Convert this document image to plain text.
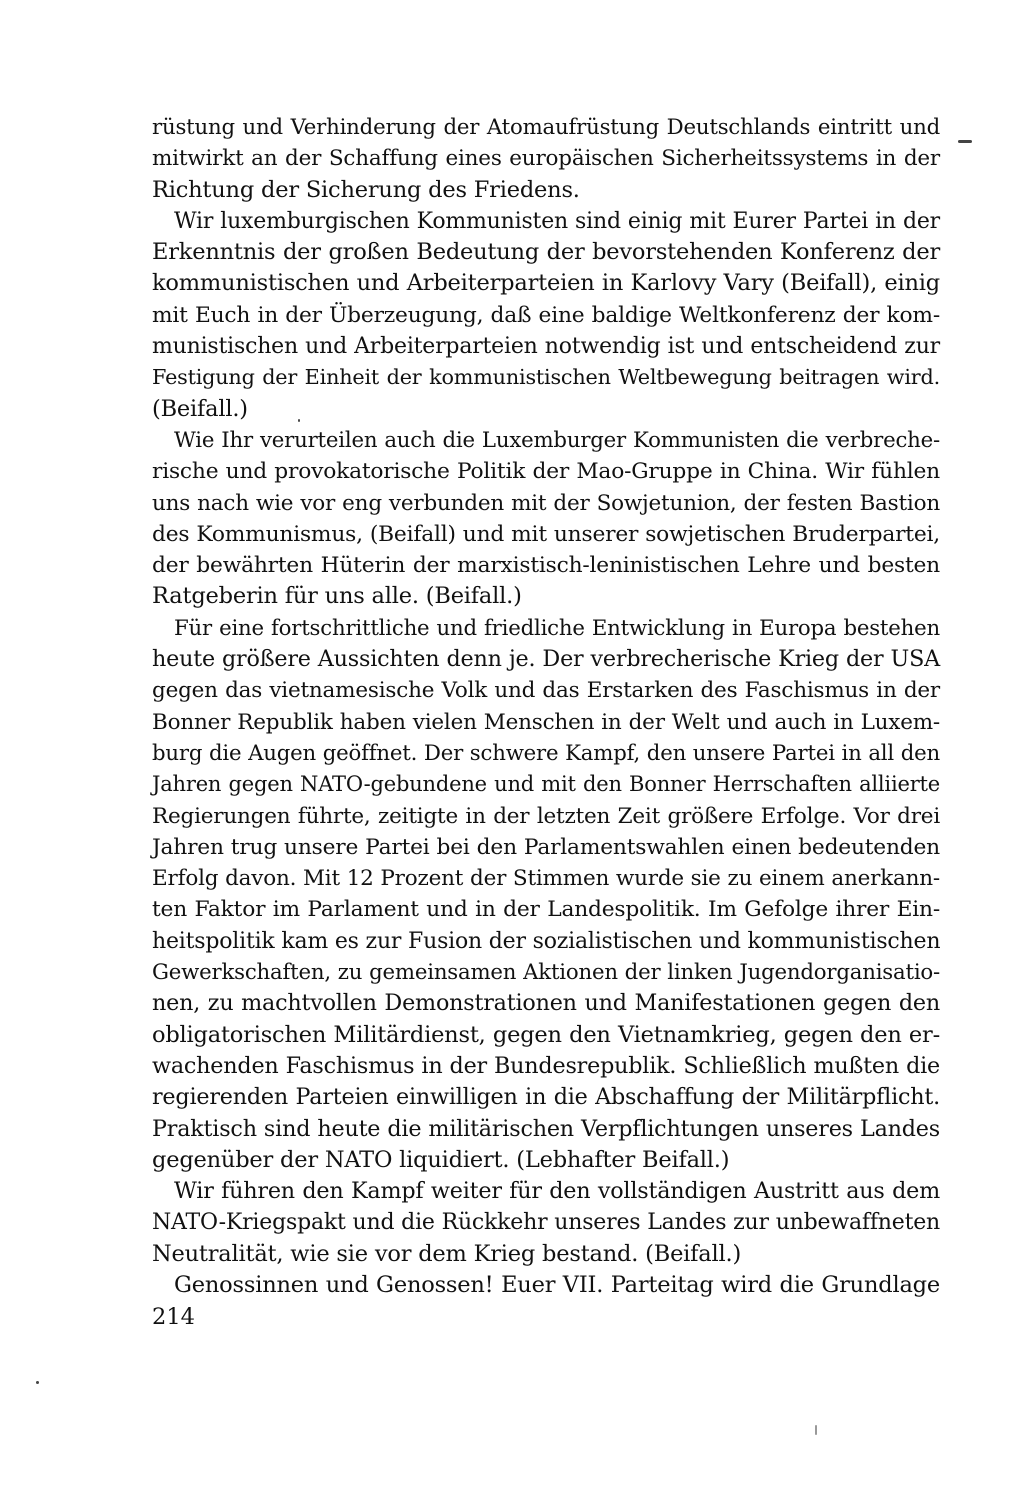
rüstung und Verhinderung der Atomaufrüstung Deutschlands eintritt und
mitwirkt an der Schaffung eines europäischen Sicherheitssystems in der
Richtung der Sicherung des Friedens.
Wir luxemburgischen Kommunisten sind einig mit Eurer Partei in der
Erkenntnis der großen Bedeutung der bevorstehenden Konferenz der
kommunistischen und Arbeiterparteien in Karlovy Vary (Beifall), einig
mit Euch in der Überzeugung, daß eine baldige Weltkonferenz der kom-
munistischen und Arbeiterparteien notwendig ist und entscheidend zur
Festigung der Einheit der kommunistischen Weltbewegung beitragen wird.
(Beifall.)
Wie Ihr verurteilen auch die Luxemburger Kommunisten die verbreche-
rische und provokatorische Politik der Mao-Gruppe in China. Wir fühlen
uns nach wie vor eng verbunden mit der Sowjetunion, der festen Bastion
des Kommunismus, (Beifall) und mit unserer sowjetischen Bruderpartei,
der bewährten Hüterin der marxistisch-leninistischen Lehre und besten
Ratgeberin für uns alle. (Beifall.)
Für eine fortschrittliche und friedliche Entwicklung in Europa bestehen
heute größere Aussichten denn je. Der verbrecherische Krieg der USA
gegen das vietnamesische Volk und das Erstarken des Faschismus in der
Bonner Republik haben vielen Menschen in der Welt und auch in Luxem-
burg die Augen geöffnet. Der schwere Kampf, den unsere Partei in all den
Jahren gegen NATO-gebundene und mit den Bonner Herrschaften alliierte
Regierungen führte, zeitigte in der letzten Zeit größere Erfolge. Vor drei
Jahren trug unsere Partei bei den Parlamentswahlen einen bedeutenden
Erfolg davon. Mit 12 Prozent der Stimmen wurde sie zu einem anerkann-
ten Faktor im Parlament und in der Landespolitik. Im Gefolge ihrer Ein-
heitspolitik kam es zur Fusion der sozialistischen und kommunistischen
Gewerkschaften, zu gemeinsamen Aktionen der linken Jugendorganisatio-
nen, zu machtvollen Demonstrationen und Manifestationen gegen den
obligatorischen Militärdienst, gegen den Vietnamkrieg, gegen den er-
wachenden Faschismus in der Bundesrepublik. Schließlich mußten die
regierenden Parteien einwilligen in die Abschaffung der Militärpflicht.
Praktisch sind heute die militärischen Verpflichtungen unseres Landes
gegenüber der NATO liquidiert. (Lebhafter Beifall.)
Wir führen den Kampf weiter für den vollständigen Austritt aus dem
NATO-Kriegspakt und die Rückkehr unseres Landes zur unbewaffneten
Neutralität, wie sie vor dem Krieg bestand. (Beifall.)
Genossinnen und Genossen! Euer VII. Parteitag wird die Grundlage
214
